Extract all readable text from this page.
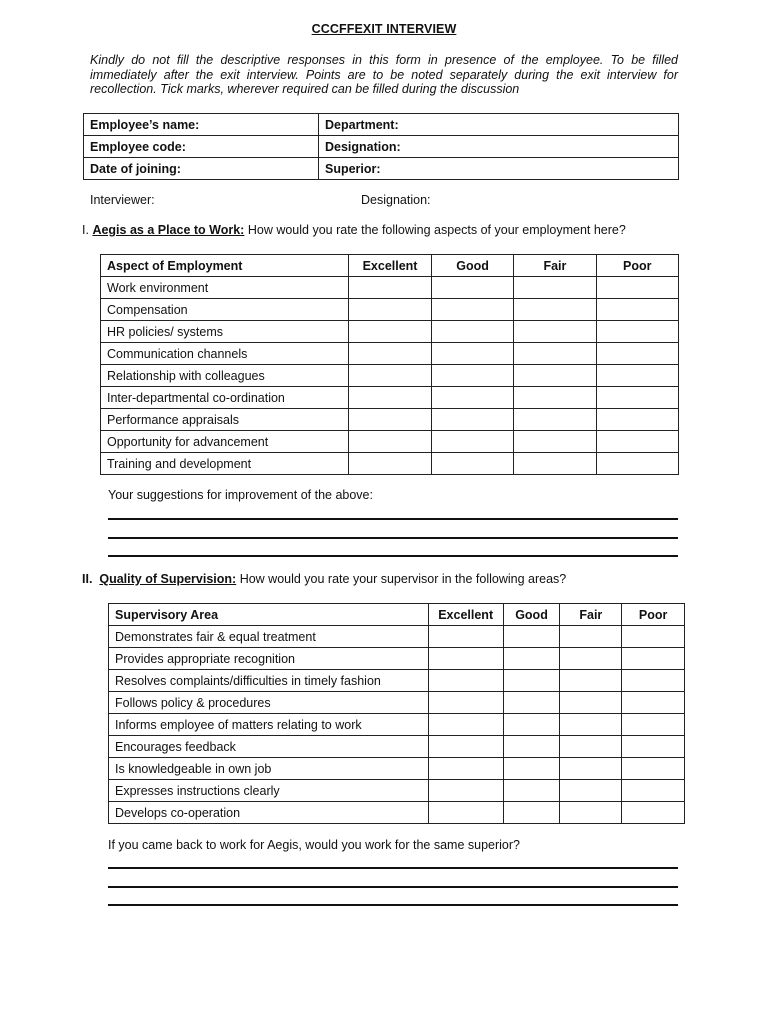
CCCFFEXIT INTERVIEW
Kindly do not fill the descriptive responses in this form in presence of the employee. To be filled immediately after the exit interview. Points are to be noted separately during the exit interview for recollection. Tick marks, wherever required can be filled during the discussion
Employee’s name:	Department:
Employee code:	Designation:
Date of joining:	Superior:
Interviewer:	Designation:
I. Aegis as a Place to Work: How would you rate the following aspects of your employment here?
Aspect of Employment	Excellent	Good	Fair	Poor
Work environment				
Compensation				
HR policies/ systems				
Communication channels				
Relationship with colleagues				
Inter-departmental co-ordination				
Performance appraisals				
Opportunity for advancement				
Training and development				
Your suggestions for improvement of the above:
II. Quality of Supervision: How would you rate your supervisor in the following areas?
Supervisory Area	Excellent	Good	Fair	Poor
Demonstrates fair & equal treatment				
Provides appropriate recognition				
Resolves complaints/difficulties in timely fashion				
Follows policy & procedures				
Informs employee of matters relating to work				
Encourages feedback				
Is knowledgeable in own job				
Expresses instructions clearly				
Develops co-operation				
If you came back to work for Aegis, would you work for the same superior?
